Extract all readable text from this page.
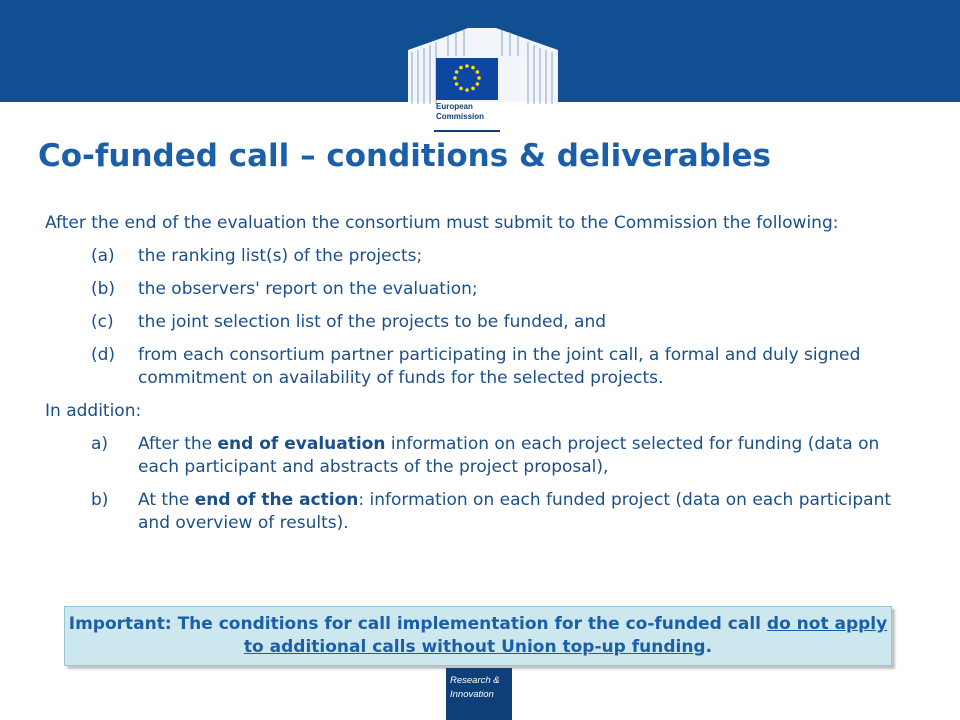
European
Commission
Co-funded call – conditions & deliverables

After the end of the evaluation the consortium must submit to the Commission the following:

(a)	the ranking list(s) of the projects;
(b)	the observers' report on the evaluation;
(c)	the joint selection list of the projects to be funded, and
(d)	from each consortium partner participating in the joint call, a formal and duly signed commitment on availability of funds for the selected projects.

In addition:

a)	After the end of evaluation information on each project selected for funding (data on each participant and abstracts of the project proposal),
b)	At the end of the action: information on each funded project (data on each participant and overview of results).
Important: The conditions for call implementation for the co-funded call do not apply to additional calls without Union top-up funding.
Research &
Innovation
